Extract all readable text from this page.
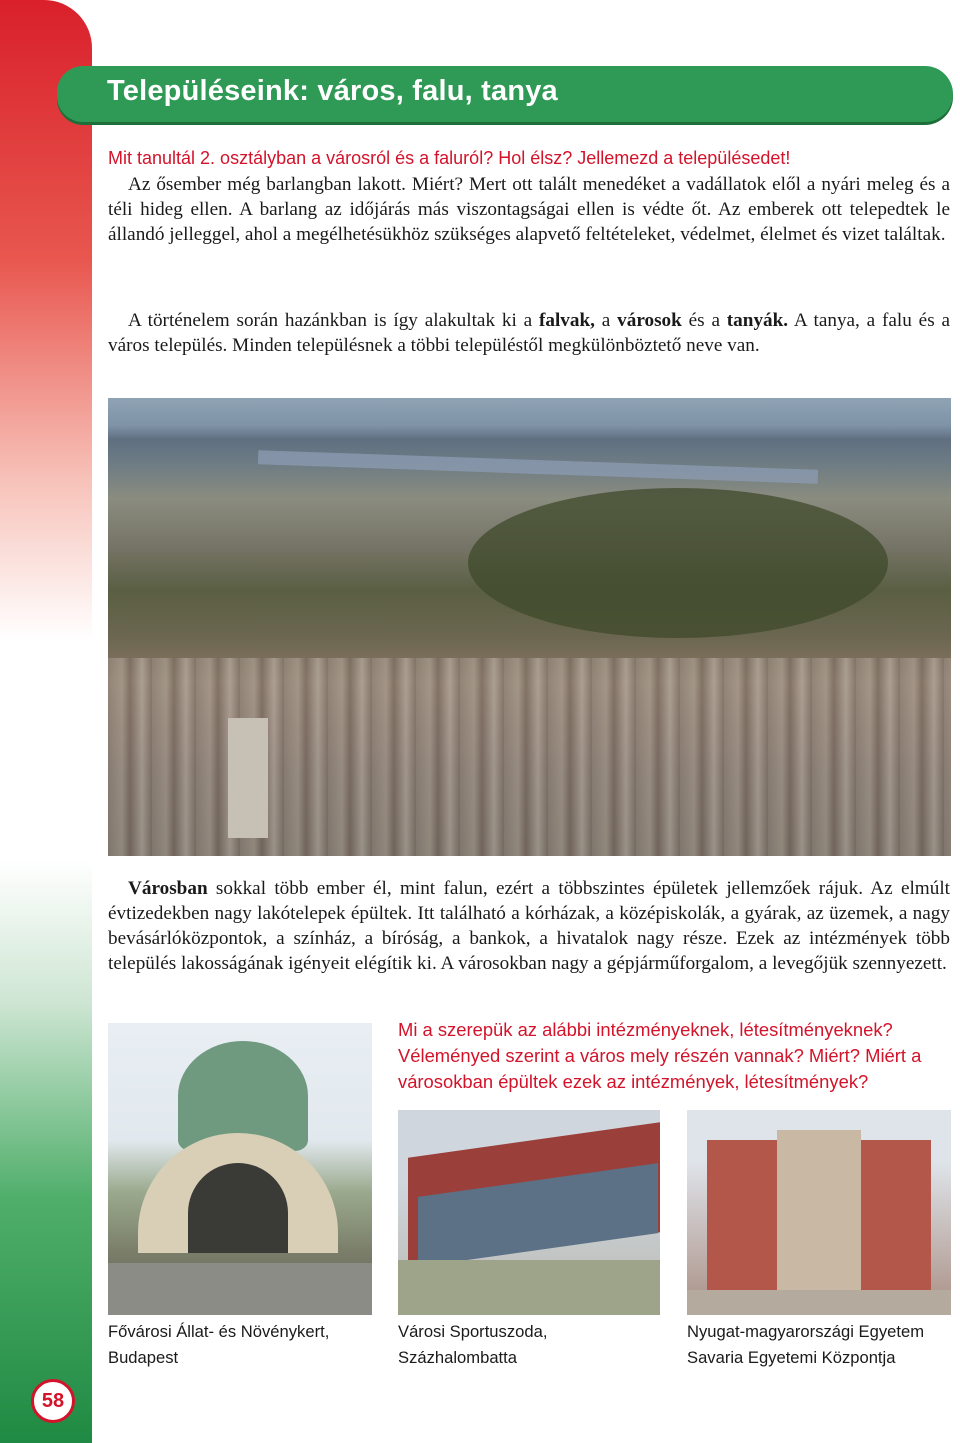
Településeink: város, falu, tanya
Mit tanultál 2. osztályban a városról és a faluról? Hol élsz? Jellemezd a településedet!
Az ősember még barlangban lakott. Miért? Mert ott talált menedéket a vadállatok elől a nyári meleg és a téli hideg ellen. A barlang az időjárás más viszontagságai ellen is védte őt. Az emberek ott telepedtek le állandó jelleggel, ahol a megélhetésükhöz szükséges alapvető feltételeket, védelmet, élelmet és vizet találtak.
A történelem során hazánkban is így alakultak ki a falvak, a városok és a tanyák. A tanya, a falu és a város település. Minden településnek a többi településtől megkülönböztető neve van.
Városban sokkal több ember él, mint falun, ezért a többszintes épületek jellemzőek rájuk. Az elmúlt évtizedekben nagy lakótelepek épültek. Itt található a kórházak, a középiskolák, a gyárak, az üzemek, a nagy bevásárlóközpontok, a színház, a bíróság, a bankok, a hivatalok nagy része. Ezek az intézmények több település lakosságának igényeit elégítik ki. A városokban nagy a gépjárműforgalom, a levegőjük szennyezett.
Mi a szerepük az alábbi intézményeknek, létesítményeknek? Véleményed szerint a város mely részén vannak? Miért? Miért a városokban épültek ezek az intézmények, létesítmények?
Fővárosi Állat- és Növénykert,
Budapest
Városi Sportuszoda,
Százhalombatta
Nyugat-magyarországi Egyetem
Savaria Egyetemi Központja
58
